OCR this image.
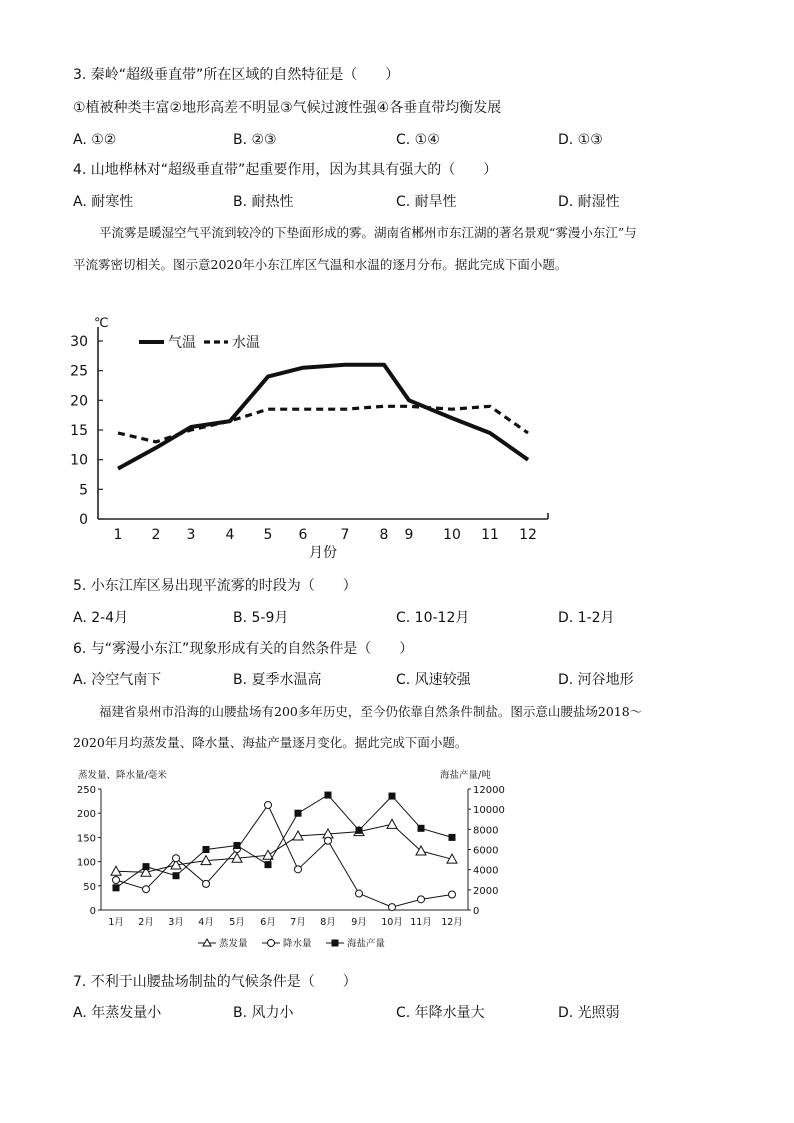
3. 秦岭“超级垂直带”所在区域的自然特征是（　　）
①植被种类丰富②地形高差不明显③气候过渡性强④各垂直带均衡发展
A. ①②	B. ②③	C. ①④	D. ①③
4. 山地桦林对“超级垂直带”起重要作用，因为其具有强大的（　　）
A. 耐寒性	B. 耐热性	C. 耐旱性	D. 耐湿性
平流雾是暖湿空气平流到较冷的下垫面形成的雾。湖南省郴州市东江湖的著名景观“雾漫小东江”与
平流雾密切相关。图示意2020年小东江库区气温和水温的逐月分布。据此完成下面小题。
0
5
10
15
20
25
30
℃
1 2 3 4 5 6 7 8 9 10 11 12
月份
气温	水温
5. 小东江库区易出现平流雾的时段为（　　）
A. 2-4月	B. 5-9月	C. 10-12月	D. 1-2月
6. 与“雾漫小东江”现象形成有关的自然条件是（　　）
A. 冷空气南下	B. 夏季水温高	C. 风速较强	D. 河谷地形
福建省泉州市沿海的山腰盐场有200多年历史，至今仍依靠自然条件制盐。图示意山腰盐场2018～
2020年月均蒸发量、降水量、海盐产量逐月变化。据此完成下面小题。
0
50
100
150
200
250
0
2000
4000
6000
8000
10000
12000
蒸发量、降水量/毫米	海盐产量/吨
1月 2月 3月 4月 5月 6月 7月 8月 9月 10月 11月 12月
蒸发量	降水量	海盐产量
7. 不利于山腰盐场制盐的气候条件是（　　）
A. 年蒸发量小	B. 风力小	C. 年降水量大	D. 光照弱
